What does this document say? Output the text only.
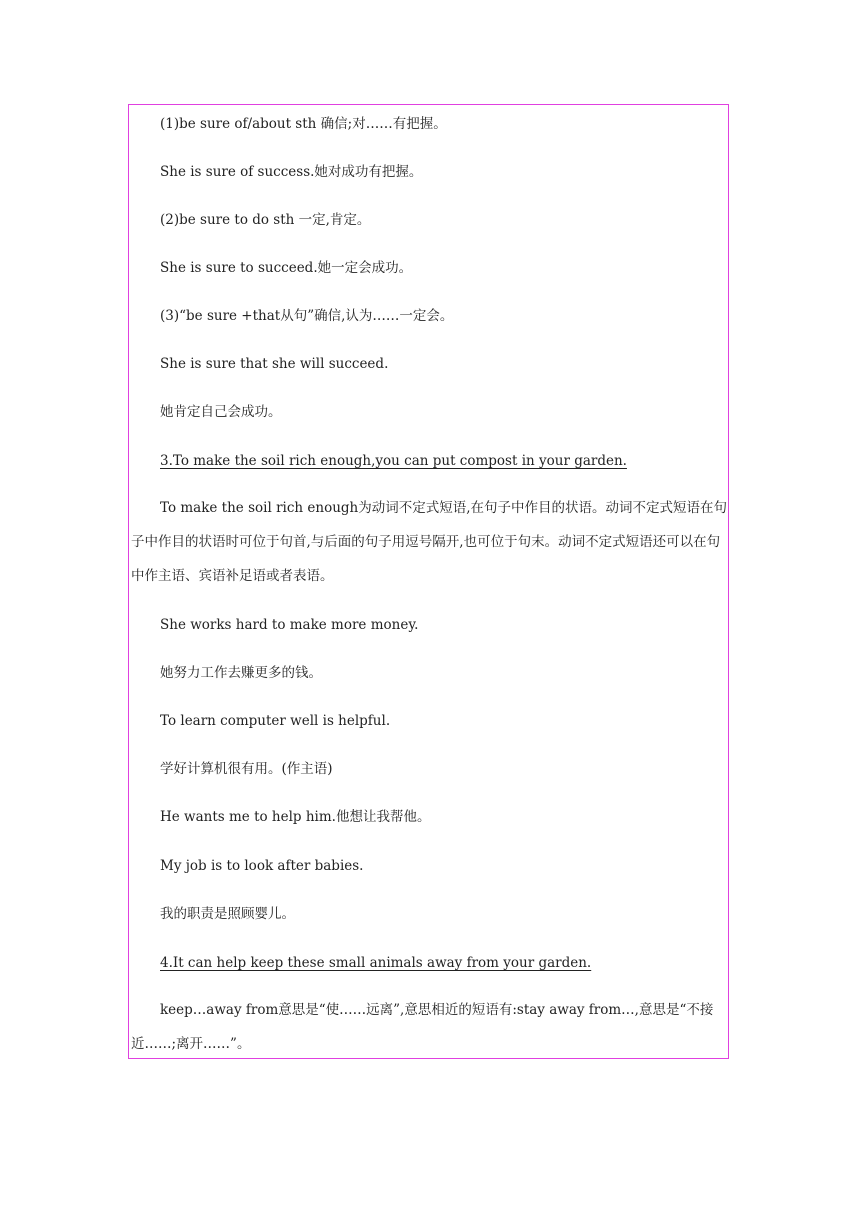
(1)be sure of/about sth 确信;对……有把握。
She is sure of success.她对成功有把握。
(2)be sure to do sth 一定,肯定。
She is sure to succeed.她一定会成功。
(3)“be sure +that从句”确信,认为……一定会。
She is sure that she will succeed.
她肯定自己会成功。
3.To make the soil rich enough,you can put compost in your garden.
To make the soil rich enough为动词不定式短语,在句子中作目的状语。动词不定式短语在句子中作目的状语时可位于句首,与后面的句子用逗号隔开,也可位于句末。动词不定式短语还可以在句中作主语、宾语补足语或者表语。
She works hard to make more money.
她努力工作去赚更多的钱。
To learn computer well is helpful.
学好计算机很有用。(作主语)
He wants me to help him.他想让我帮他。
My job is to look after babies.
我的职责是照顾婴儿。
4.It can help keep these small animals away from your garden.
keep…away from意思是“使……远离”,意思相近的短语有:stay away from…,意思是“不接近……;离开……”。
